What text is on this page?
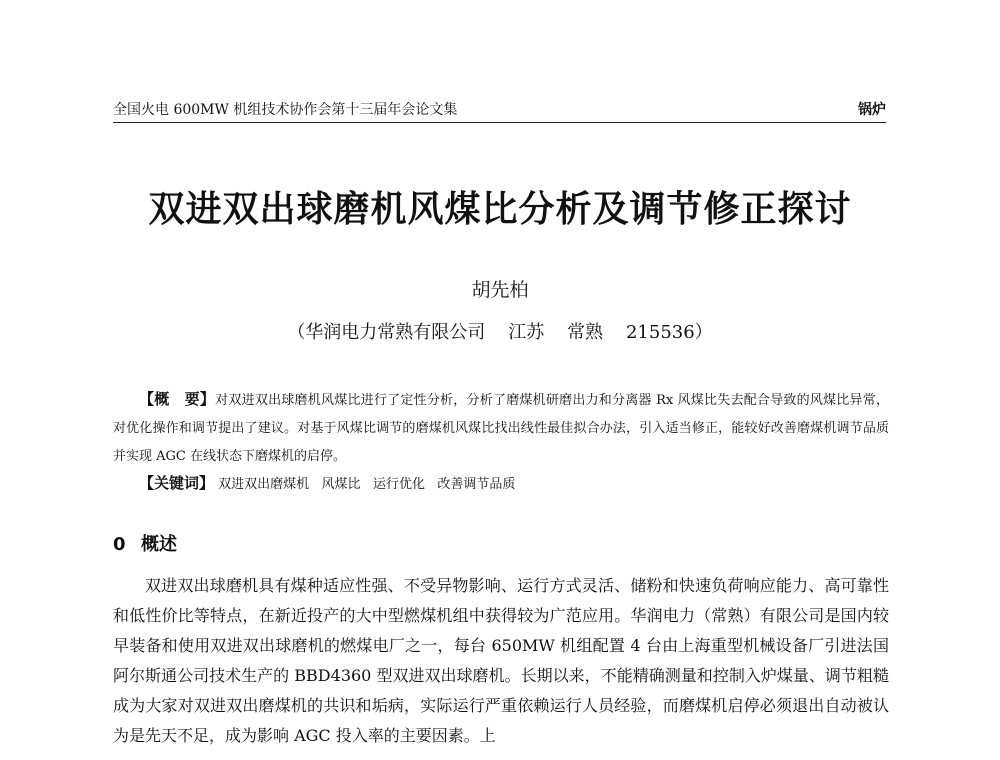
全国火电 600MW 机组技术协作会第十三届年会论文集	锅炉
双进双出球磨机风煤比分析及调节修正探讨
胡先柏
（华润电力常熟有限公司    江苏    常熟    215536）
【概　要】对双进双出球磨机风煤比进行了定性分析，分析了磨煤机研磨出力和分离器 Rx 风煤比失去配合导致的风煤比异常，对优化操作和调节提出了建议。对基于风煤比调节的磨煤机风煤比找出线性最佳拟合办法，引入适当修正，能较好改善磨煤机调节品质并实现 AGC 在线状态下磨煤机的启停。
【关键词】 双进双出磨煤机   风煤比   运行优化   改善调节品质
0 概述
双进双出球磨机具有煤种适应性强、不受异物影响、运行方式灵活、储粉和快速负荷响应能力、高可靠性和低性价比等特点，在新近投产的大中型燃煤机组中获得较为广范应用。华润电力（常熟）有限公司是国内较早装备和使用双进双出球磨机的燃煤电厂之一，每台 650MW 机组配置 4 台由上海重型机械设备厂引进法国阿尔斯通公司技术生产的 BBD4360 型双进双出球磨机。长期以来，不能精确测量和控制入炉煤量、调节粗糙成为大家对双进双出磨煤机的共识和垢病，实际运行严重依赖运行人员经验，而磨煤机启停必须退出自动被认为是先天不足，成为影响 AGC 投入率的主要因素。上
